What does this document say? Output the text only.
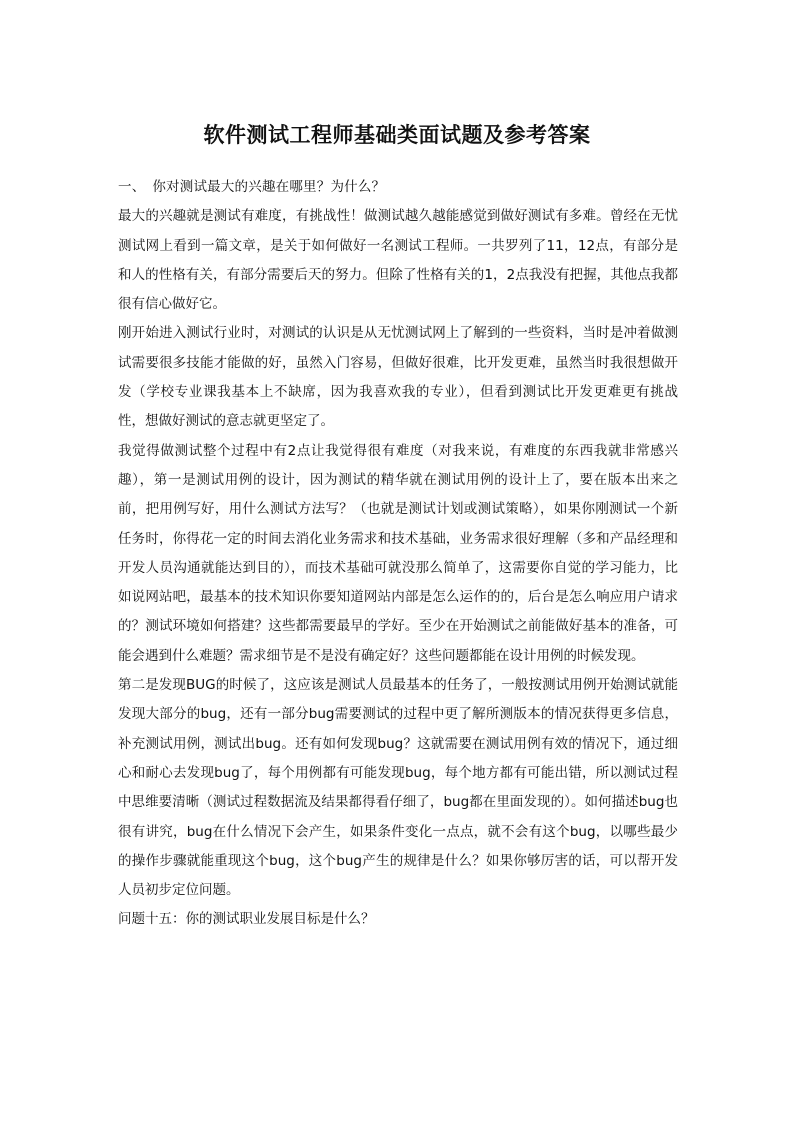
软件测试工程师基础类面试题及参考答案

一、　你对测试最大的兴趣在哪里？为什么？

最大的兴趣就是测试有难度，有挑战性！做测试越久越能感觉到做好测试有多难。曾经在无忧测试网上看到一篇文章，是关于如何做好一名测试工程师。一共罗列了11，12点，有部分是和人的性格有关，有部分需要后天的努力。但除了性格有关的1，2点我没有把握，其他点我都很有信心做好它。

刚开始进入测试行业时，对测试的认识是从无忧测试网上了解到的一些资料，当时是冲着做测试需要很多技能才能做的好，虽然入门容易，但做好很难，比开发更难，虽然当时我很想做开发（学校专业课我基本上不缺席，因为我喜欢我的专业），但看到测试比开发更难更有挑战性，想做好测试的意志就更坚定了。

我觉得做测试整个过程中有2点让我觉得很有难度（对我来说，有难度的东西我就非常感兴趣），第一是测试用例的设计，因为测试的精华就在测试用例的设计上了，要在版本出来之前，把用例写好，用什么测试方法写？（也就是测试计划或测试策略），如果你刚测试一个新任务时，你得花一定的时间去消化业务需求和技术基础，业务需求很好理解（多和产品经理和开发人员沟通就能达到目的），而技术基础可就没那么简单了，这需要你自觉的学习能力，比如说网站吧，最基本的技术知识你要知道网站内部是怎么运作的的，后台是怎么响应用户请求的？测试环境如何搭建？这些都需要最早的学好。至少在开始测试之前能做好基本的准备，可能会遇到什么难题？需求细节是不是没有确定好？这些问题都能在设计用例的时候发现。

第二是发现BUG的时候了，这应该是测试人员最基本的任务了，一般按测试用例开始测试就能发现大部分的bug，还有一部分bug需要测试的过程中更了解所测版本的情况获得更多信息，补充测试用例，测试出bug。还有如何发现bug？这就需要在测试用例有效的情况下，通过细心和耐心去发现bug了，每个用例都有可能发现bug，每个地方都有可能出错，所以测试过程中思维要清晰（测试过程数据流及结果都得看仔细了，bug都在里面发现的）。如何描述bug也很有讲究，bug在什么情况下会产生，如果条件变化一点点，就不会有这个bug，以哪些最少的操作步骤就能重现这个bug，这个bug产生的规律是什么？如果你够厉害的话，可以帮开发人员初步定位问题。

问题十五：你的测试职业发展目标是什么？
